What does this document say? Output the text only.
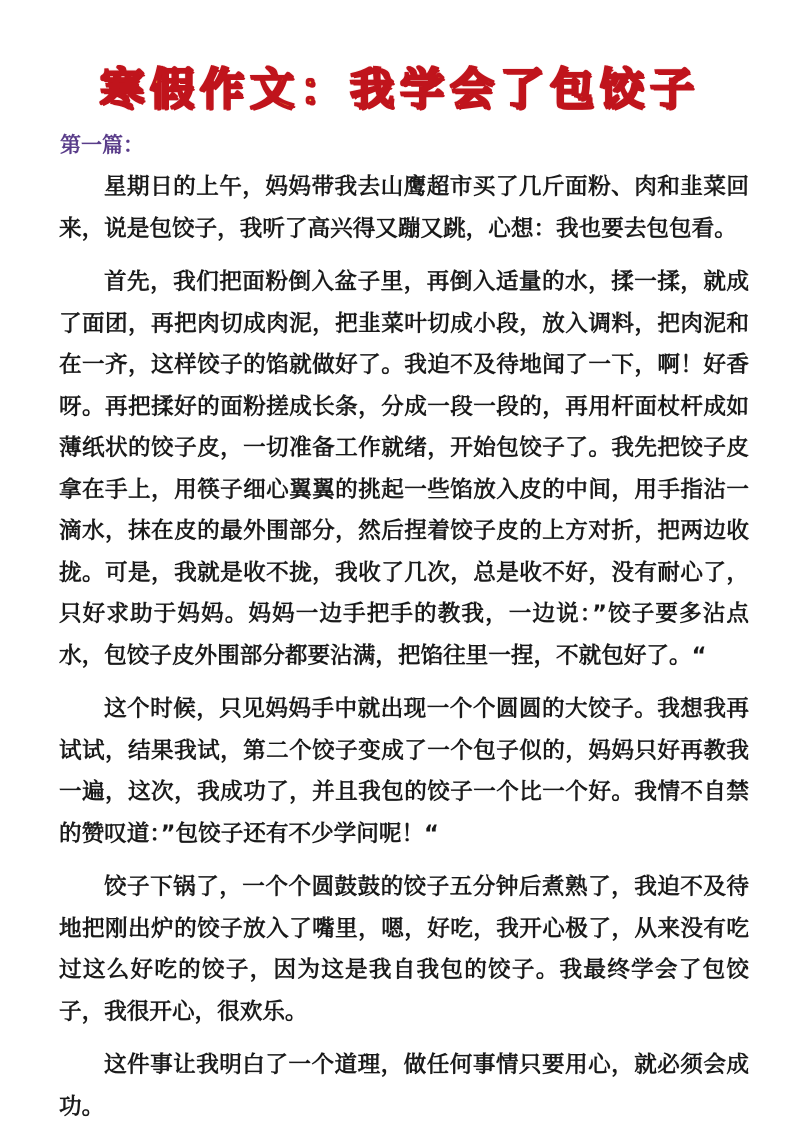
寒假作文：我学会了包饺子
第一篇：

星期日的上午，妈妈带我去山鹰超市买了几斤面粉、肉和韭菜回来，说是包饺子，我听了高兴得又蹦又跳，心想：我也要去包包看。

首先，我们把面粉倒入盆子里，再倒入适量的水，揉一揉，就成了面团，再把肉切成肉泥，把韭菜叶切成小段，放入调料，把肉泥和在一齐，这样饺子的馅就做好了。我迫不及待地闻了一下，啊！好香呀。再把揉好的面粉搓成长条，分成一段一段的，再用杆面杖杆成如薄纸状的饺子皮，一切准备工作就绪，开始包饺子了。我先把饺子皮拿在手上，用筷子细心翼翼的挑起一些馅放入皮的中间，用手指沾一滴水，抹在皮的最外围部分，然后捏着饺子皮的上方对折，把两边收拢。可是，我就是收不拢，我收了几次，总是收不好，没有耐心了，只好求助于妈妈。妈妈一边手把手的教我，一边说：”饺子要多沾点水，包饺子皮外围部分都要沾满，把馅往里一捏，不就包好了。“

这个时候，只见妈妈手中就出现一个个圆圆的大饺子。我想我再试试，结果我试，第二个饺子变成了一个包子似的，妈妈只好再教我一遍，这次，我成功了，并且我包的饺子一个比一个好。我情不自禁的赞叹道：”包饺子还有不少学问呢！“

饺子下锅了，一个个圆鼓鼓的饺子五分钟后煮熟了，我迫不及待地把刚出炉的饺子放入了嘴里，嗯，好吃，我开心极了，从来没有吃过这么好吃的饺子，因为这是我自我包的饺子。我最终学会了包饺子，我很开心，很欢乐。

这件事让我明白了一个道理，做任何事情只要用心，就必须会成功。
